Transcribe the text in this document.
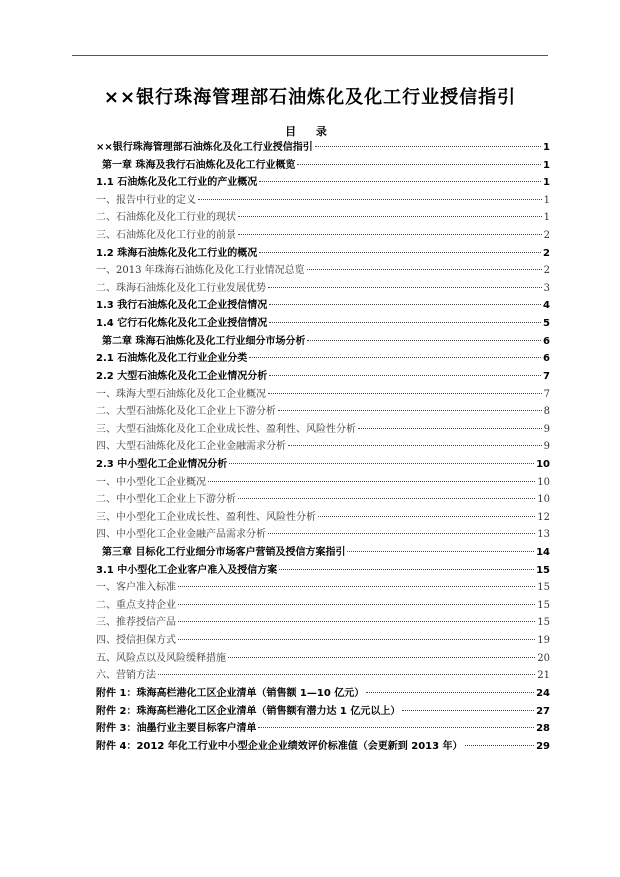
××银行珠海管理部石油炼化及化工行业授信指引
目 录
××银行珠海管理部石油炼化及化工行业授信指引	1
第一章 珠海及我行石油炼化及化工行业概览	1
1.1 石油炼化及化工行业的产业概况	1
一、报告中行业的定义	1
二、石油炼化及化工行业的现状	1
三、石油炼化及化工行业的前景	2
1.2 珠海石油炼化及化工行业的概况	2
一、2013 年珠海石油炼化及化工行业情况总览	2
二、珠海石油炼化及化工行业发展优势	3
1.3 我行石油炼化及化工企业授信情况	4
1.4 它行石化炼化及化工企业授信情况	5
第二章 珠海石油炼化及化工行业细分市场分析	6
2.1 石油炼化及化工行业企业分类	6
2.2 大型石油炼化及化工企业情况分析	7
一、珠海大型石油炼化及化工企业概况	7
二、大型石油炼化及化工企业上下游分析	8
三、大型石油炼化及化工企业成长性、盈利性、风险性分析	9
四、大型石油炼化及化工企业金融需求分析	9
2.3 中小型化工企业情况分析	10
一、中小型化工企业概况	10
二、中小型化工企业上下游分析	10
三、中小型化工企业成长性、盈利性、风险性分析	12
四、中小型化工企业金融产品需求分析	13
第三章 目标化工行业细分市场客户营销及授信方案指引	14
3.1 中小型化工企业客户准入及授信方案	15
一、客户准入标准	15
二、重点支持企业	15
三、推荐授信产品	15
四、授信担保方式	19
五、风险点以及风险缓释措施	20
六、营销方法	21
附件 1：珠海高栏港化工区企业清单（销售额 1—10 亿元）	24
附件 2：珠海高栏港化工区企业清单（销售额有潜力达 1 亿元以上）	27
附件 3：油墨行业主要目标客户清单	28
附件 4：2012 年化工行业中小型企业企业绩效评价标准值（会更新到 2013 年）	29
